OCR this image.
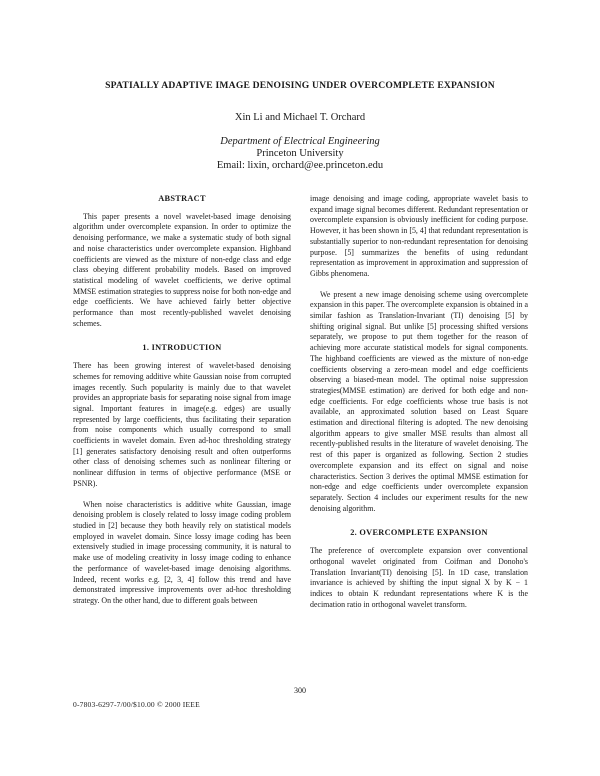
SPATIALLY ADAPTIVE IMAGE DENOISING UNDER OVERCOMPLETE EXPANSION
Xin Li and Michael T. Orchard
Department of Electrical Engineering
Princeton University
Email: lixin, orchard@ee.princeton.edu
ABSTRACT

This paper presents a novel wavelet-based image denoising algorithm under overcomplete expansion. In order to optimize the denoising performance, we make a systematic study of both signal and noise characteristics under overcomplete expansion. Highband coefficients are viewed as the mixture of non-edge class and edge class obeying different probability models. Based on improved statistical modeling of wavelet coefficients, we derive optimal MMSE estimation strategies to suppress noise for both non-edge and edge coefficients. We have achieved fairly better objective performance than most recently-published wavelet denoising schemes.

1. INTRODUCTION

There has been growing interest of wavelet-based denoising schemes for removing additive white Gaussian noise from corrupted images recently. Such popularity is mainly due to that wavelet provides an appropriate basis for separating noise signal from image signal. Important features in image(e.g. edges) are usually represented by large coefficients, thus facilitating their separation from noise components which usually correspond to small coefficients in wavelet domain. Even ad-hoc thresholding strategy [1] generates satisfactory denoising result and often outperforms other class of denoising schemes such as nonlinear filtering or nonlinear diffusion in terms of objective performance (MSE or PSNR).

When noise characteristics is additive white Gaussian, image denoising problem is closely related to lossy image coding problem studied in [2] because they both heavily rely on statistical models employed in wavelet domain. Since lossy image coding has been extensively studied in image processing community, it is natural to make use of modeling creativity in lossy image coding to enhance the performance of wavelet-based image denoising algorithms. Indeed, recent works e.g. [2, 3, 4] follow this trend and have demonstrated impressive improvements over ad-hoc thresholding strategy. On the other hand, due to different goals between

image denoising and image coding, appropriate wavelet basis to expand image signal becomes different. Redundant representation or overcomplete expansion is obviously inefficient for coding purpose. However, it has been shown in [5, 4] that redundant representation is substantially superior to non-redundant representation for denoising purpose. [5] summarizes the benefits of using redundant representation as improvement in approximation and suppression of Gibbs phenomena.

We present a new image denoising scheme using overcomplete expansion in this paper. The overcomplete expansion is obtained in a similar fashion as Translation-Invariant (TI) denoising [5] by shifting original signal. But unlike [5] processing shifted versions separately, we propose to put them together for the reason of achieving more accurate statistical models for signal components. The highband coefficients are viewed as the mixture of non-edge coefficients observing a zero-mean model and edge coefficients observing a biased-mean model. The optimal noise suppression strategies(MMSE estimation) are derived for both edge and non-edge coefficients. For edge coefficients whose true basis is not available, an approximated solution based on Least Square estimation and directional filtering is adopted. The new denoising algorithm appears to give smaller MSE results than almost all recently-published results in the literature of wavelet denoising. The rest of this paper is organized as following. Section 2 studies overcomplete expansion and its effect on signal and noise characteristics. Section 3 derives the optimal MMSE estimation for non-edge and edge coefficients under overcomplete expansion separately. Section 4 includes our experiment results for the new denoising algorithm.

2. OVERCOMPLETE EXPANSION

The preference of overcomplete expansion over conventional orthogonal wavelet originated from Coifman and Donoho's Translation Invariant(TI) denoising [5]. In 1D case, translation invariance is achieved by shifting the input signal X by K − 1 indices to obtain K redundant representations where K is the decimation ratio in orthogonal wavelet transform.

300
0-7803-6297-7/00/$10.00 © 2000 IEEE
